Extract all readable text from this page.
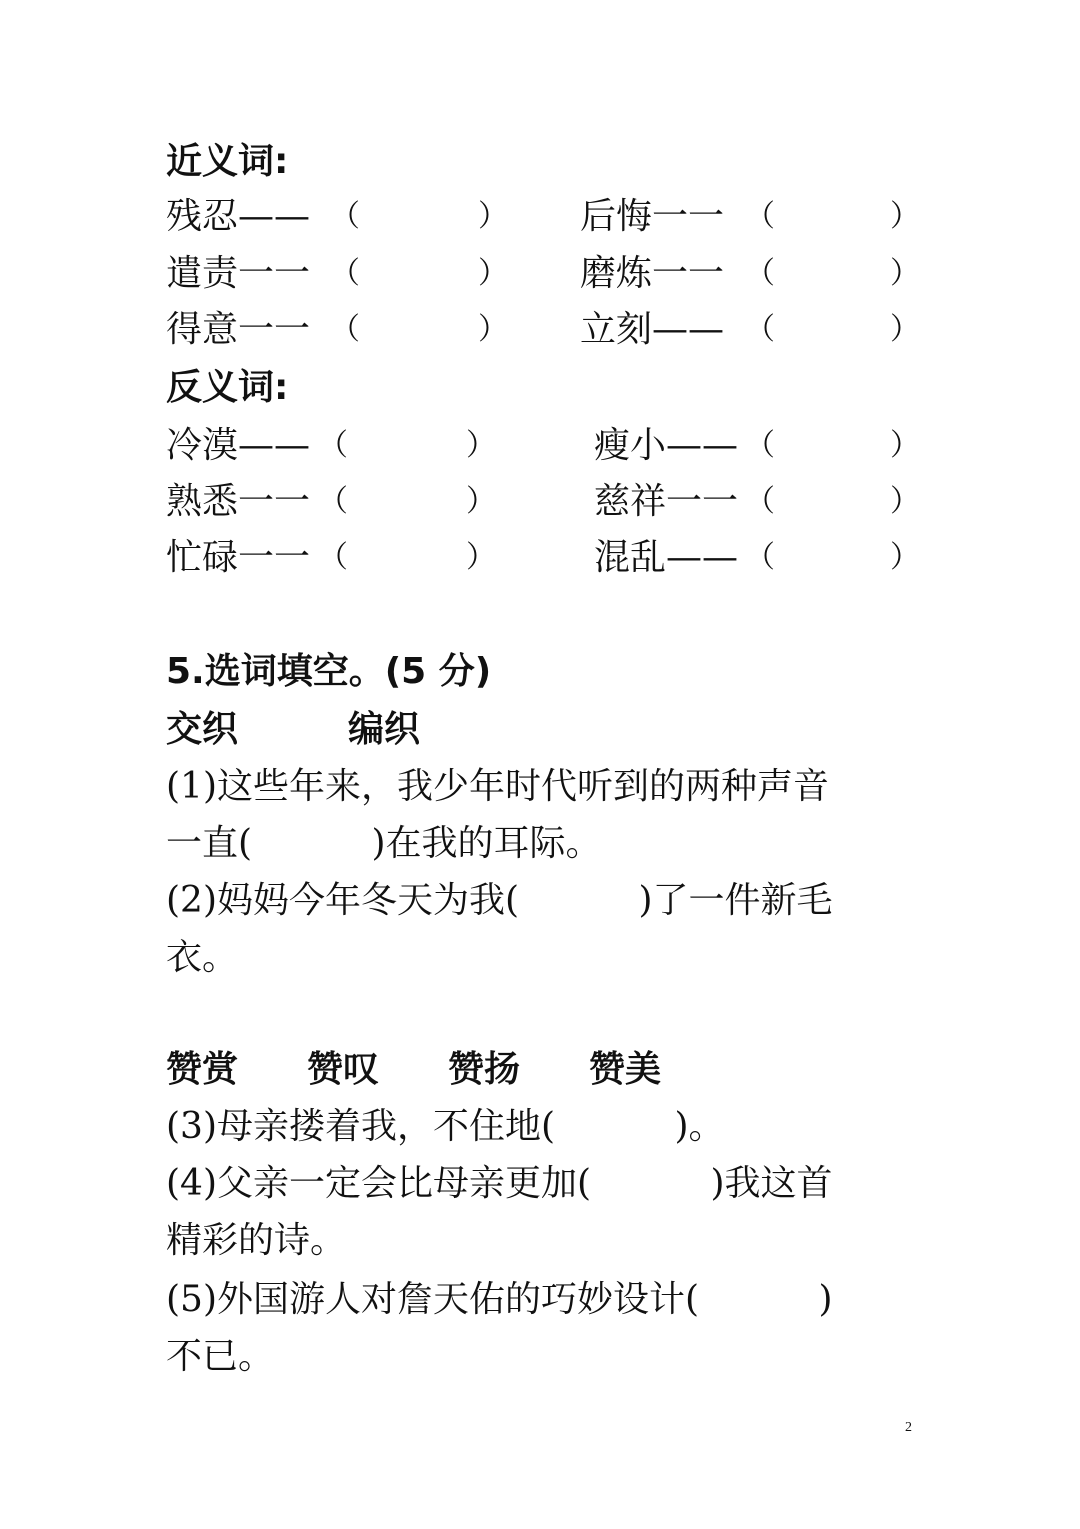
近义词:
残忍—— （	） 后悔一一 （	）
遣责一一 （	） 磨炼一一 （	）
得意一一 （	） 立刻—— （	）
反义词:
冷漠—— （	）	瘦小—— （	）
熟悉一一 （	）	慈祥一一 （	）
忙碌一一 （	）	混乱—— （	）
5.选词填空。(5 分)
交织	编织
(1)这些年来，我少年时代听到的两种声音
一直(　　　 )在我的耳际。
(2)妈妈今年冬天为我(　　　 )了一件新毛
衣。
赞赏 赞叹 赞扬 赞美
(3)母亲搂着我，不住地(　　　 )。
(4)父亲一定会比母亲更加(　　　 )我这首
精彩的诗。
(5)外国游人对詹天佑的巧妙设计(　　　 )
不已。
2
